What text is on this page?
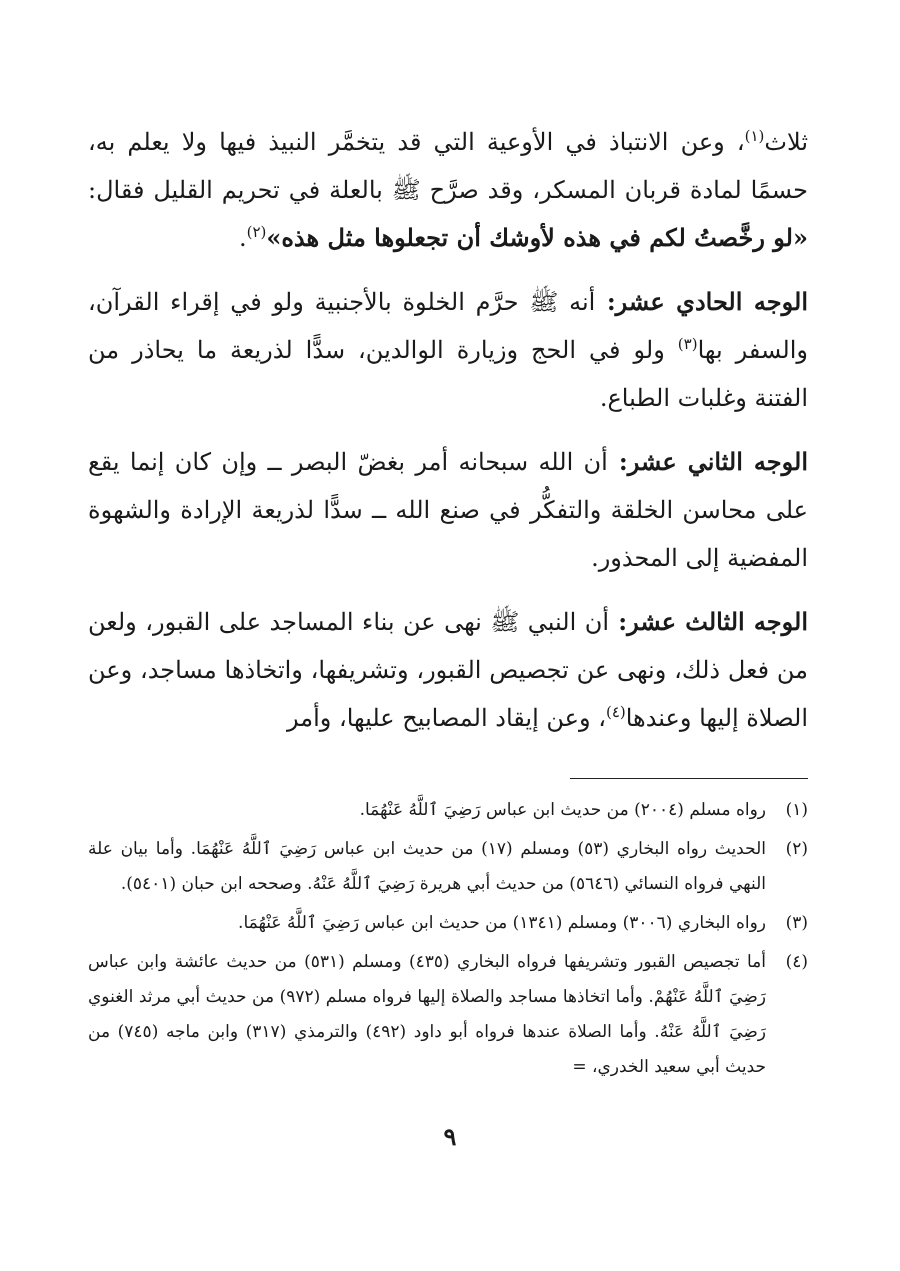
ثلاث$^{(١)}$، وعن الانتباذ في الأوعية التي قد يتخمَّر النبيذ فيها ولا يعلم به، حسمًا لمادة قربان المسكر، وقد صرَّح ﷺ بالعلة في تحريم القليل فقال: «لو رخَّصتُ لكم في هذه لأوشك أن تجعلوها مثل هذه»$^{(٢)}$.

الوجه الحادي عشر: أنه ﷺ حرَّم الخلوة بالأجنبية ولو في إقراء القرآن، والسفر بها$^{(٣)}$ ولو في الحج وزيارة الوالدين، سدًّا لذريعة ما يحاذر من الفتنة وغلبات الطباع.

الوجه الثاني عشر: أن الله سبحانه أمر بغضّ البصر ــ وإن كان إنما يقع على محاسن الخلقة والتفكُّر في صنع الله ــ سدًّا لذريعة الإرادة والشهوة المفضية إلى المحذور.

الوجه الثالث عشر: أن النبي ﷺ نهى عن بناء المساجد على القبور، ولعن من فعل ذلك، ونهى عن تجصيص القبور، وتشريفها، واتخاذها مساجد، وعن الصلاة إليها وعندها$^{(٤)}$، وعن إيقاد المصابيح عليها، وأمر

(١)
رواه مسلم (٢٠٠٤) من حديث ابن عباس رَضِيَ ٱللَّهُ عَنْهُمَا.
(٢)
الحديث رواه البخاري (٥٣) ومسلم (١٧) من حديث ابن عباس رَضِيَ ٱللَّهُ عَنْهُمَا. وأما بيان علة النهي فرواه النسائي (٥٦٤٦) من حديث أبي هريرة رَضِيَ ٱللَّهُ عَنْهُ. وصححه ابن حبان (٥٤٠١).
(٣)
رواه البخاري (٣٠٠٦) ومسلم (١٣٤١) من حديث ابن عباس رَضِيَ ٱللَّهُ عَنْهُمَا.
(٤)
أما تجصيص القبور وتشريفها فرواه البخاري (٤٣٥) ومسلم (٥٣١) من حديث عائشة وابن عباس رَضِيَ ٱللَّهُ عَنْهُمْ. وأما اتخاذها مساجد والصلاة إليها فرواه مسلم (٩٧٢) من حديث أبي مرثد الغنوي رَضِيَ ٱللَّهُ عَنْهُ. وأما الصلاة عندها فرواه أبو داود (٤٩٢) والترمذي (٣١٧) وابن ماجه (٧٤٥) من حديث أبي سعيد الخدري، =
٩
